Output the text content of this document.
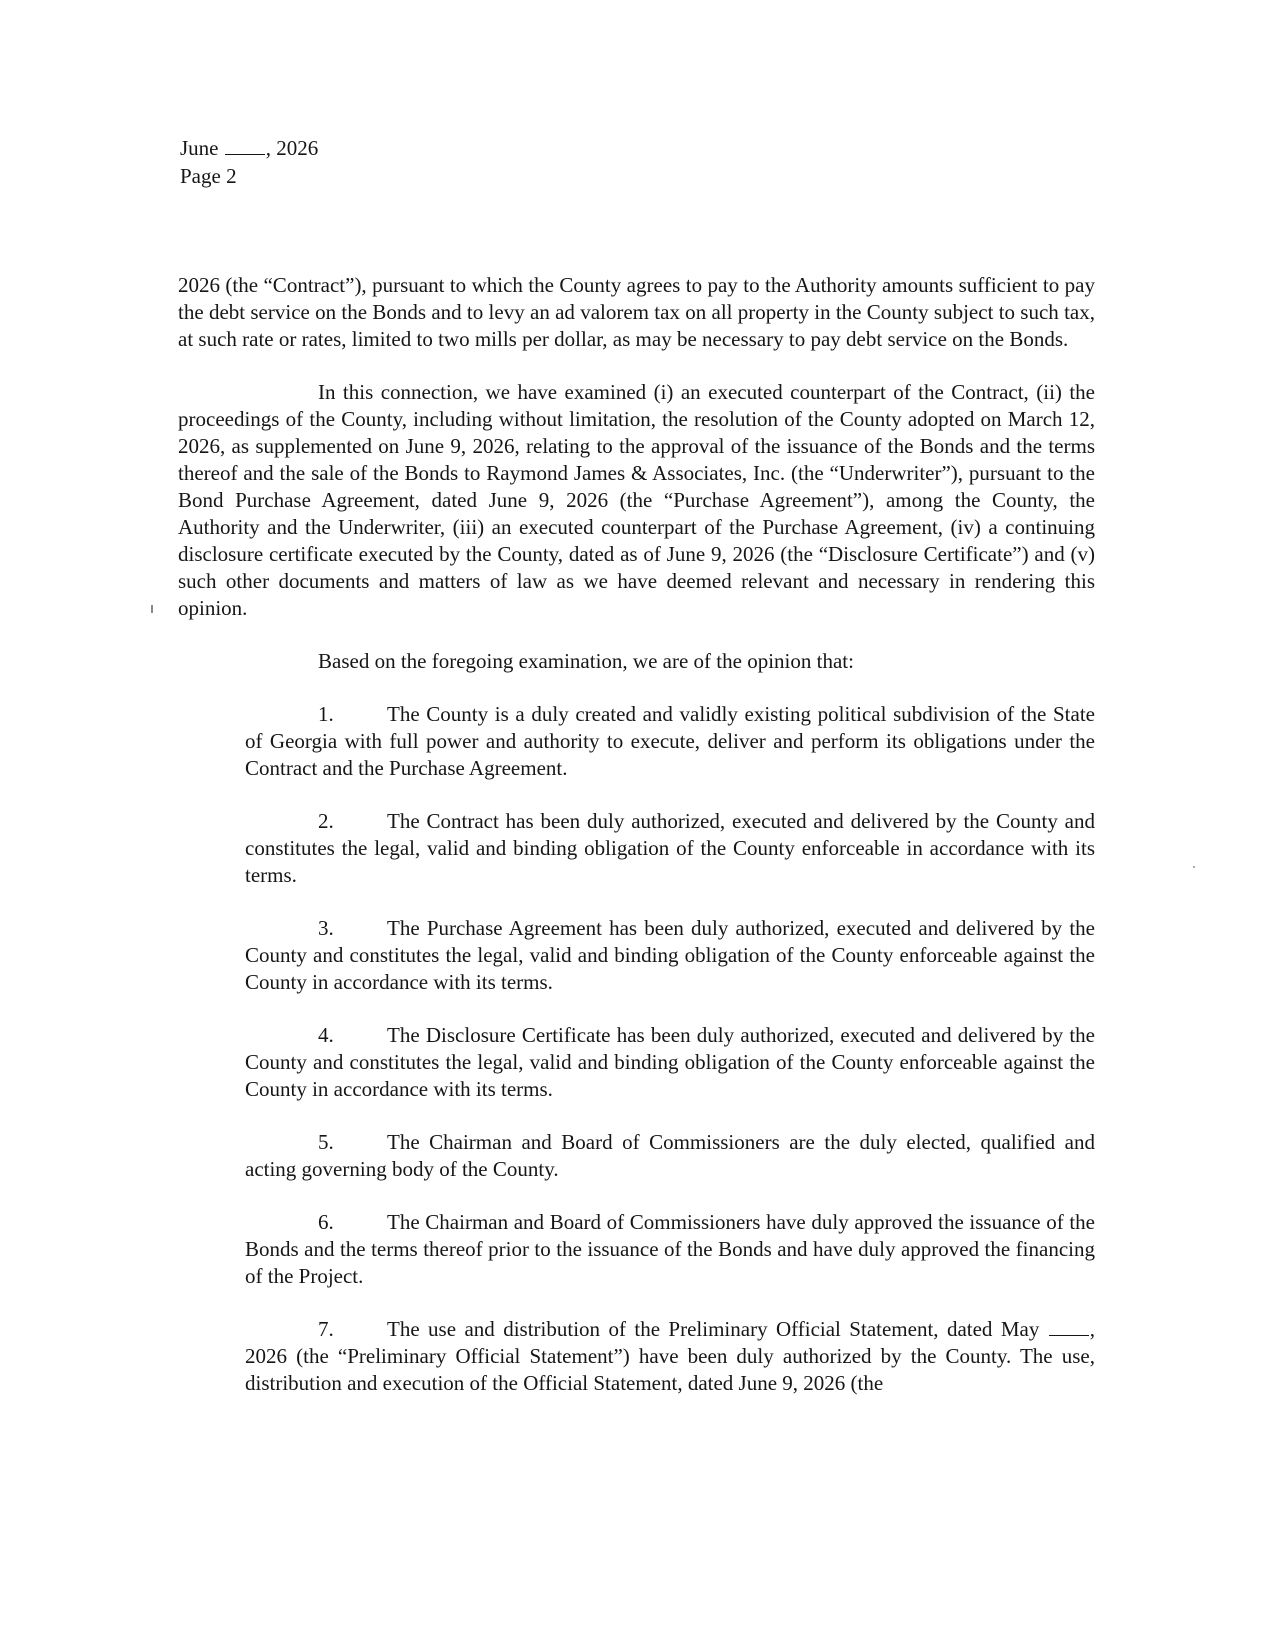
June , 2026
Page 2

2026 (the “Contract”), pursuant to which the County agrees to pay to the Authority amounts sufficient to pay the debt service on the Bonds and to levy an ad valorem tax on all property in the County subject to such tax, at such rate or rates, limited to two mills per dollar, as may be necessary to pay debt service on the Bonds.

In this connection, we have examined (i) an executed counterpart of the Contract, (ii) the proceedings of the County, including without limitation, the resolution of the County adopted on March 12, 2026, as supplemented on June 9, 2026, relating to the approval of the issuance of the Bonds and the terms thereof and the sale of the Bonds to Raymond James & Associates, Inc. (the “Underwriter”), pursuant to the Bond Purchase Agreement, dated June 9, 2026 (the “Purchase Agreement”), among the County, the Authority and the Underwriter, (iii) an executed counterpart of the Purchase Agreement, (iv) a continuing disclosure certificate executed by the County, dated as of June 9, 2026 (the “Disclosure Certificate”) and (v) such other documents and matters of law as we have deemed relevant and necessary in rendering this opinion.

Based on the foregoing examination, we are of the opinion that:

1.	The County is a duly created and validly existing political subdivision of the State of Georgia with full power and authority to execute, deliver and perform its obligations under the Contract and the Purchase Agreement.

2.	The Contract has been duly authorized, executed and delivered by the County and constitutes the legal, valid and binding obligation of the County enforceable in accordance with its terms.

3.	The Purchase Agreement has been duly authorized, executed and delivered by the County and constitutes the legal, valid and binding obligation of the County enforceable against the County in accordance with its terms.

4.	The Disclosure Certificate has been duly authorized, executed and delivered by the County and constitutes the legal, valid and binding obligation of the County enforceable against the County in accordance with its terms.

5.	The Chairman and Board of Commissioners are the duly elected, qualified and acting governing body of the County.

6.	The Chairman and Board of Commissioners have duly approved the issuance of the Bonds and the terms thereof prior to the issuance of the Bonds and have duly approved the financing of the Project.

7.	The use and distribution of the Preliminary Official Statement, dated May , 2026 (the “Preliminary Official Statement”) have been duly authorized by the County. The use, distribution and execution of the Official Statement, dated June 9, 2026 (the
